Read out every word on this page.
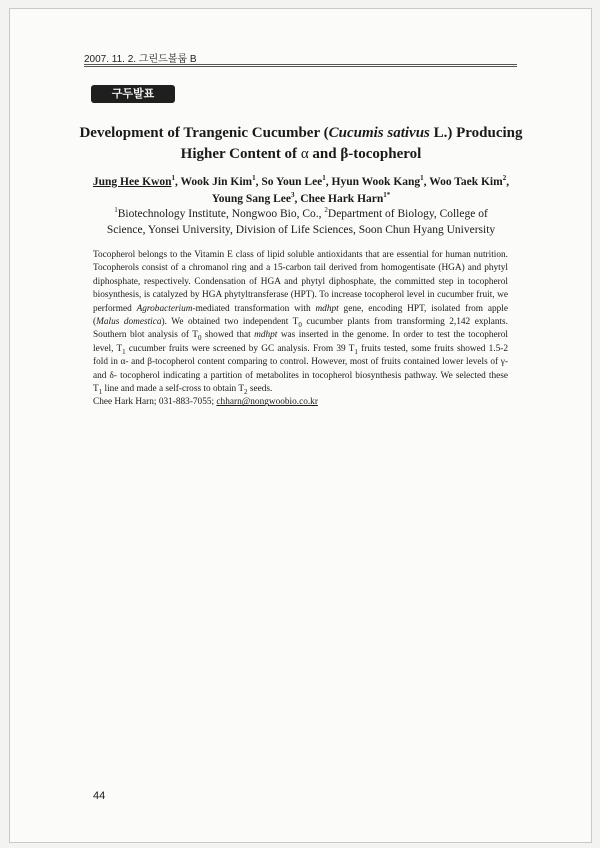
2007. 11. 2. 그린드볼룹 B
구두발표
Development of Trangenic Cucumber (Cucumis sativus L.) Producing
Higher Content of α and β-tocopherol
Jung Hee Kwon$^1$, Wook Jin Kim$^1$, So Youn Lee$^1$, Hyun Wook Kang$^1$, Woo Taek Kim$^2$,
Young Sang Lee$^3$, Chee Hark Harn$^{1*}$
$^1$Biotechnology Institute, Nongwoo Bio, Co., $^2$Department of Biology, College of
Science, Yonsei University, Division of Life Sciences, Soon Chun Hyang University

Tocopherol belongs to the Vitamin E class of lipid soluble antioxidants that are essential for human nutrition. Tocopherols consist of a chromanol ring and a 15-carbon tail derived from homogentisate (HGA) and phytyl diphosphate, respectively. Condensation of HGA and phytyl diphosphate, the committed step in tocopherol biosynthesis, is catalyzed by HGA phytyltransferase (HPT). To increase tocopherol level in cucumber fruit, we performed Agrobacterium-mediated transformation with mdhpt gene, encoding HPT, isolated from apple (Malus domestica). We obtained two independent $T_0$ cucumber plants from transforming 2,142 explants. Southern blot analysis of $T_0$ showed that mdhpt was inserted in the genome. In order to test the tocopherol level, $T_1$ cucumber fruits were screened by GC analysis. From 39 $T_1$ fruits tested, some fruits showed 1.5-2 fold in α- and β-tocopherol content comparing to control. However, most of fruits contained lower levels of γ- and δ- tocopherol indicating a partition of metabolites in tocopherol biosynthesis pathway. We selected these $T_1$ line and made a self-cross to obtain $T_2$ seeds.

Chee Hark Harn; 031-883-7055; chharn@nongwoobio.co.kr

44
